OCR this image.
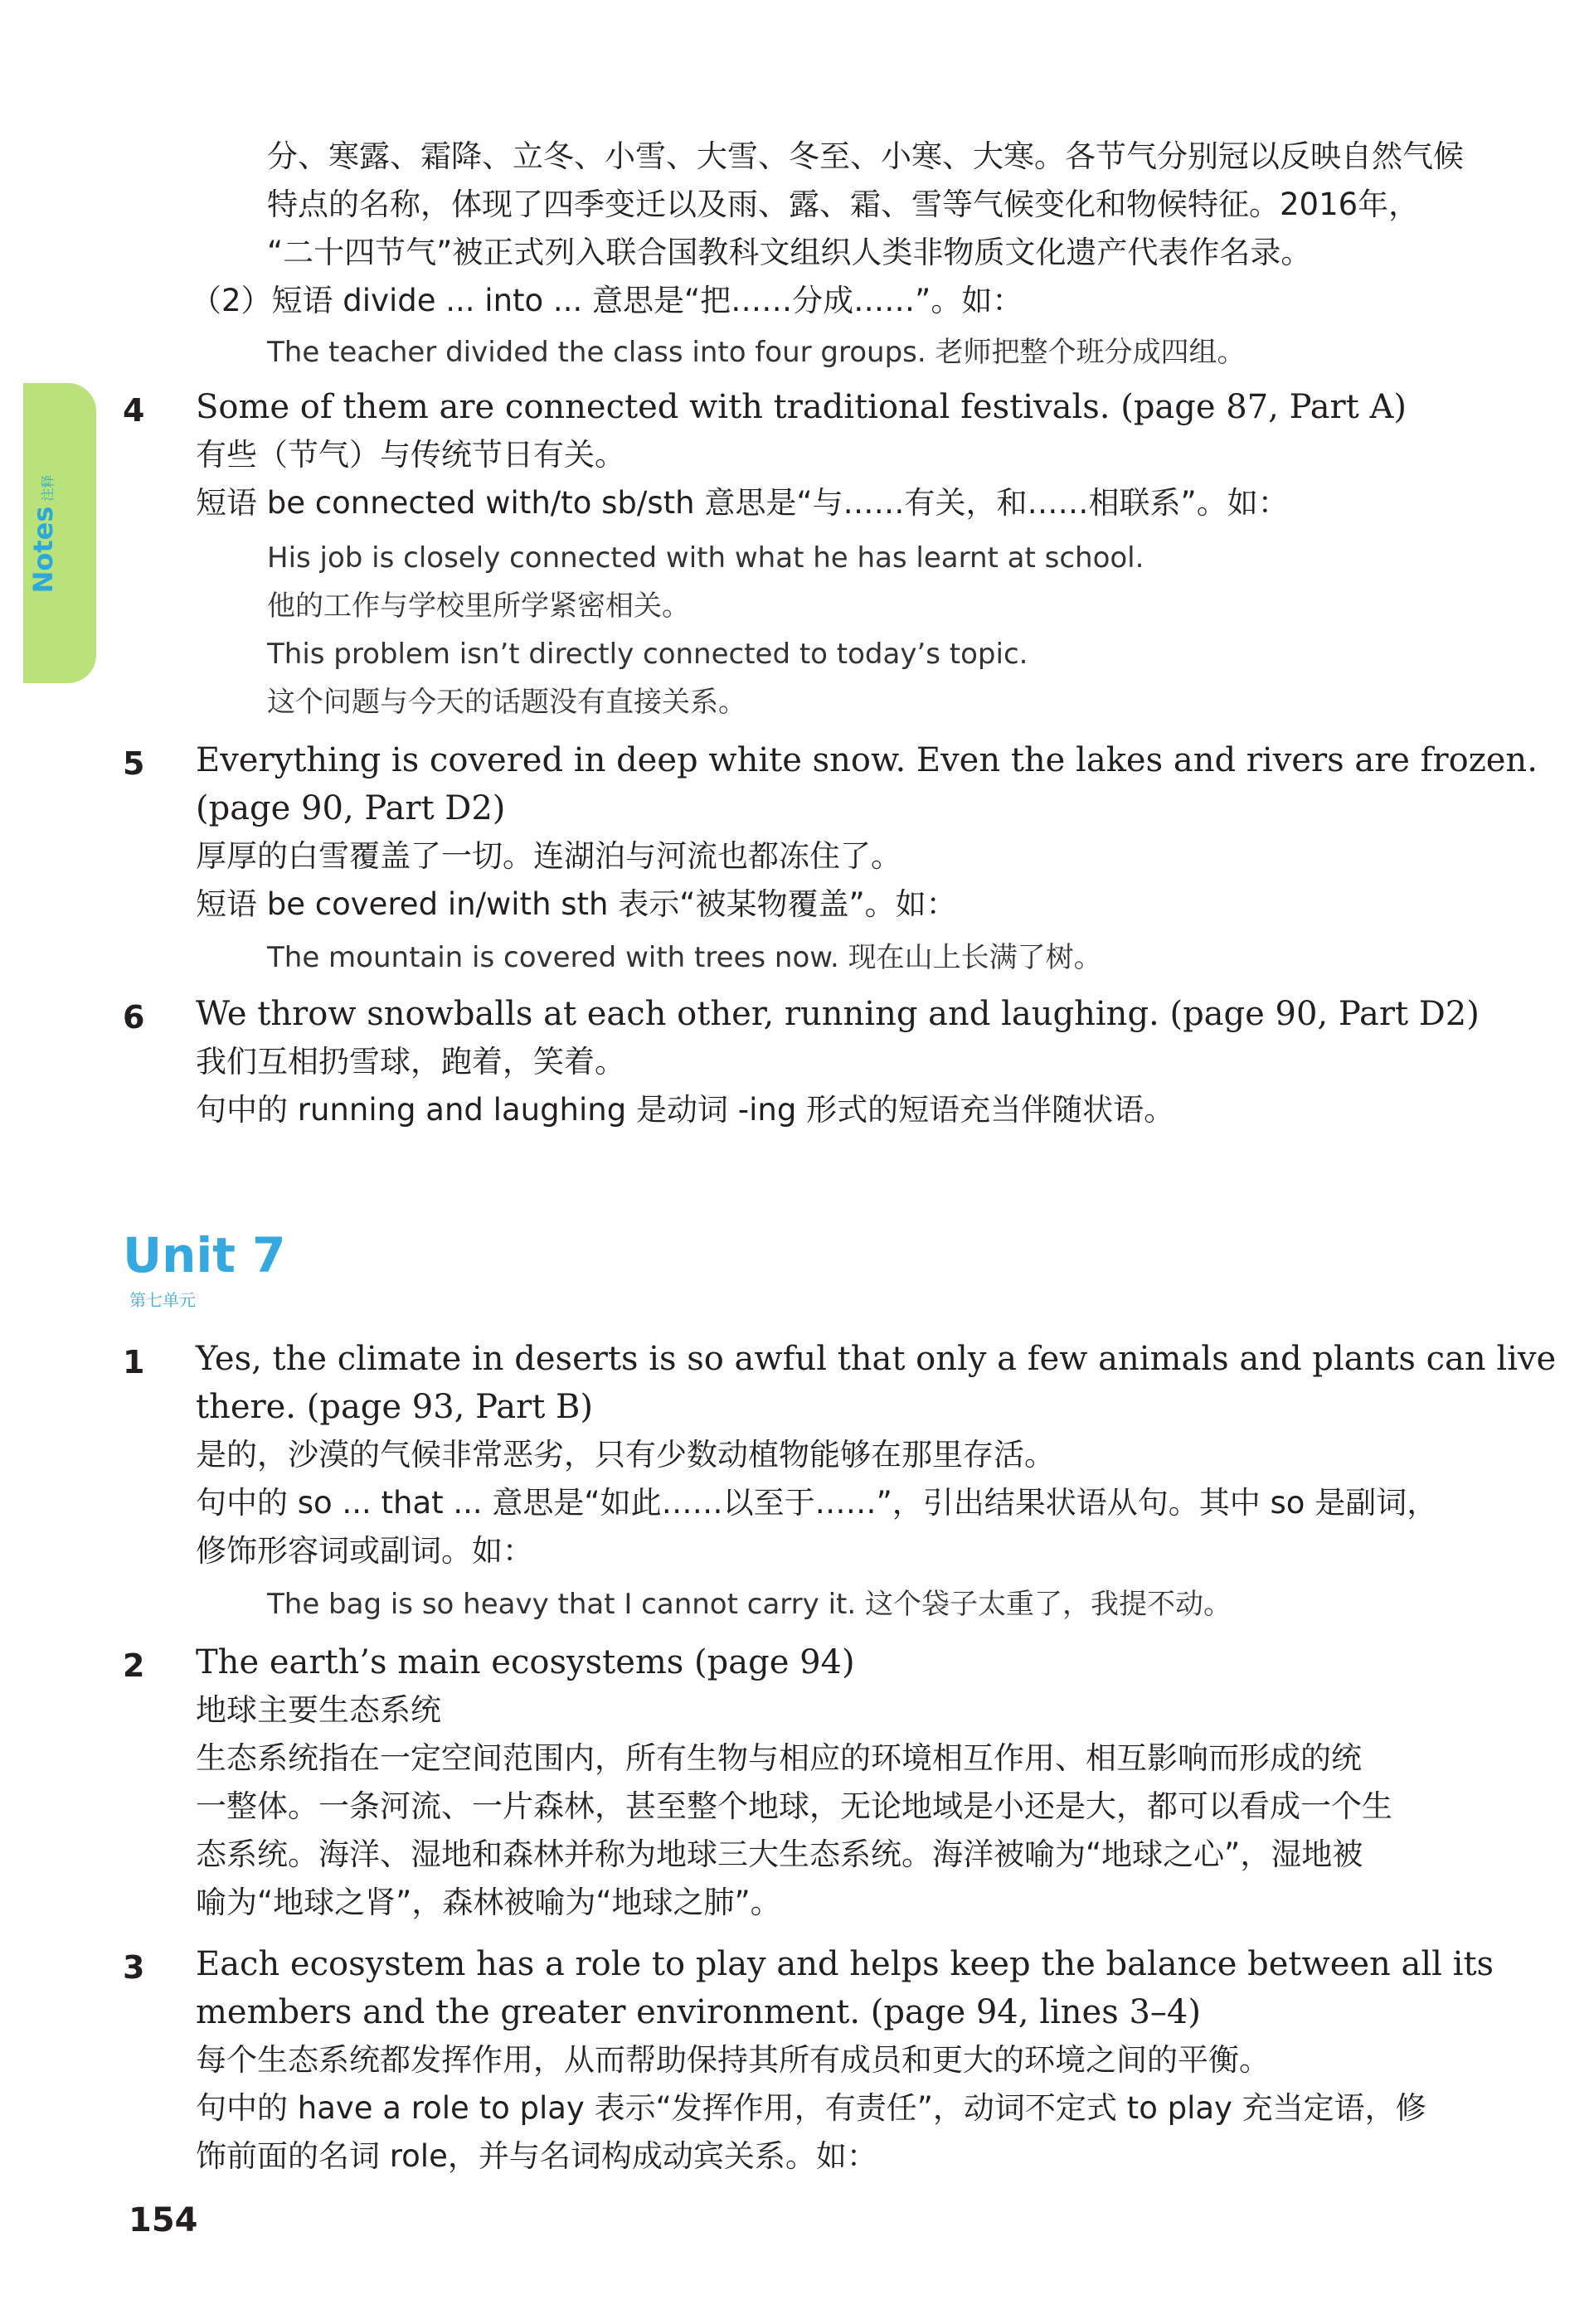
Notes注释
分、寒露、霜降、立冬、小雪、大雪、冬至、小寒、大寒。各节气分别冠以反映自然气候
特点的名称，体现了四季变迁以及雨、露、霜、雪等气候变化和物候特征。2016年，
“二十四节气”被正式列入联合国教科文组织人类非物质文化遗产代表作名录。
（2）短语 divide ... into ... 意思是“把……分成……”。如：
The teacher divided the class into four groups. 老师把整个班分成四组。
4 Some of them are connected with traditional festivals. (page 87, Part A)
有些（节气）与传统节日有关。
短语 be connected with/to sb/sth 意思是“与……有关，和……相联系”。如：
His job is closely connected with what he has learnt at school.
他的工作与学校里所学紧密相关。
This problem isn’t directly connected to today’s topic.
这个问题与今天的话题没有直接关系。
5 Everything is covered in deep white snow. Even the lakes and rivers are frozen.
(page 90, Part D2)
厚厚的白雪覆盖了一切。连湖泊与河流也都冻住了。
短语 be covered in/with sth 表示“被某物覆盖”。如：
The mountain is covered with trees now. 现在山上长满了树。
6 We throw snowballs at each other, running and laughing. (page 90, Part D2)
我们互相扔雪球，跑着，笑着。
句中的 running and laughing 是动词 -ing 形式的短语充当伴随状语。
Unit 7
第七单元
1 Yes, the climate in deserts is so awful that only a few animals and plants can live
there. (page 93, Part B)
是的，沙漠的气候非常恶劣，只有少数动植物能够在那里存活。
句中的 so ... that ... 意思是“如此……以至于……”，引出结果状语从句。其中 so 是副词，
修饰形容词或副词。如：
The bag is so heavy that I cannot carry it. 这个袋子太重了，我提不动。
2 The earth’s main ecosystems (page 94)
地球主要生态系统
生态系统指在一定空间范围内，所有生物与相应的环境相互作用、相互影响而形成的统
一整体。一条河流、一片森林，甚至整个地球，无论地域是小还是大，都可以看成一个生
态系统。海洋、湿地和森林并称为地球三大生态系统。海洋被喻为“地球之心”，湿地被
喻为“地球之肾”，森林被喻为“地球之肺”。
3 Each ecosystem has a role to play and helps keep the balance between all its
members and the greater environment. (page 94, lines 3–4)
每个生态系统都发挥作用，从而帮助保持其所有成员和更大的环境之间的平衡。
句中的 have a role to play 表示“发挥作用，有责任”，动词不定式 to play 充当定语，修
饰前面的名词 role，并与名词构成动宾关系。如：
154
